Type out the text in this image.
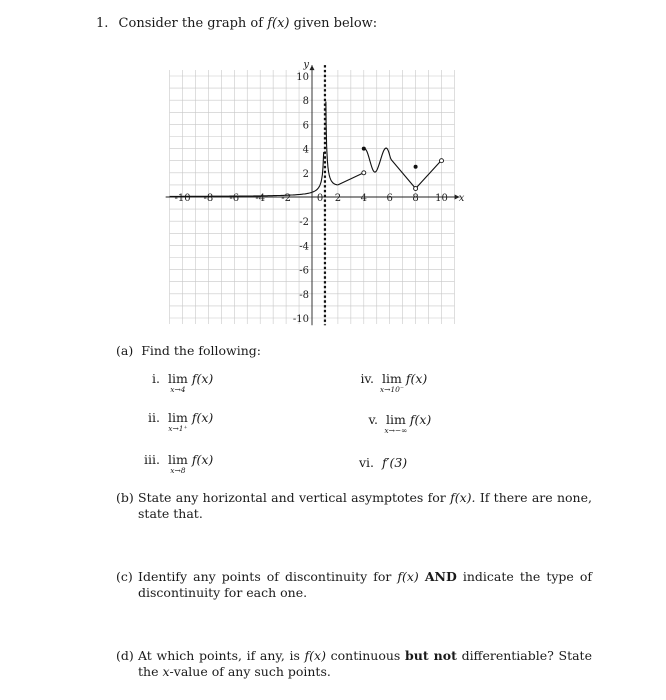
1. Consider the graph of f(x) given below:
-10 -8 -6 -4 -2	0 2 4 6 8 10
10
8
6
4
2
-2
-4
-6
-8
-10
x
y
(a) Find the following:
i. lim
x→4
f(x)
ii. lim
x→1⁺
f(x)
iii. lim
x→8
f(x)
iv. lim
x→10⁻
f(x)
v. lim
x→−∞
f(x)
vi. f′(3)
(b) State any horizontal and vertical asymptotes for f(x). If there are none, state that.
(c) Identify any points of discontinuity for f(x) AND indicate the type of discontinuity for each one.
(d) At which points, if any, is f(x) continuous but not differentiable? State the x-value of any such points.
